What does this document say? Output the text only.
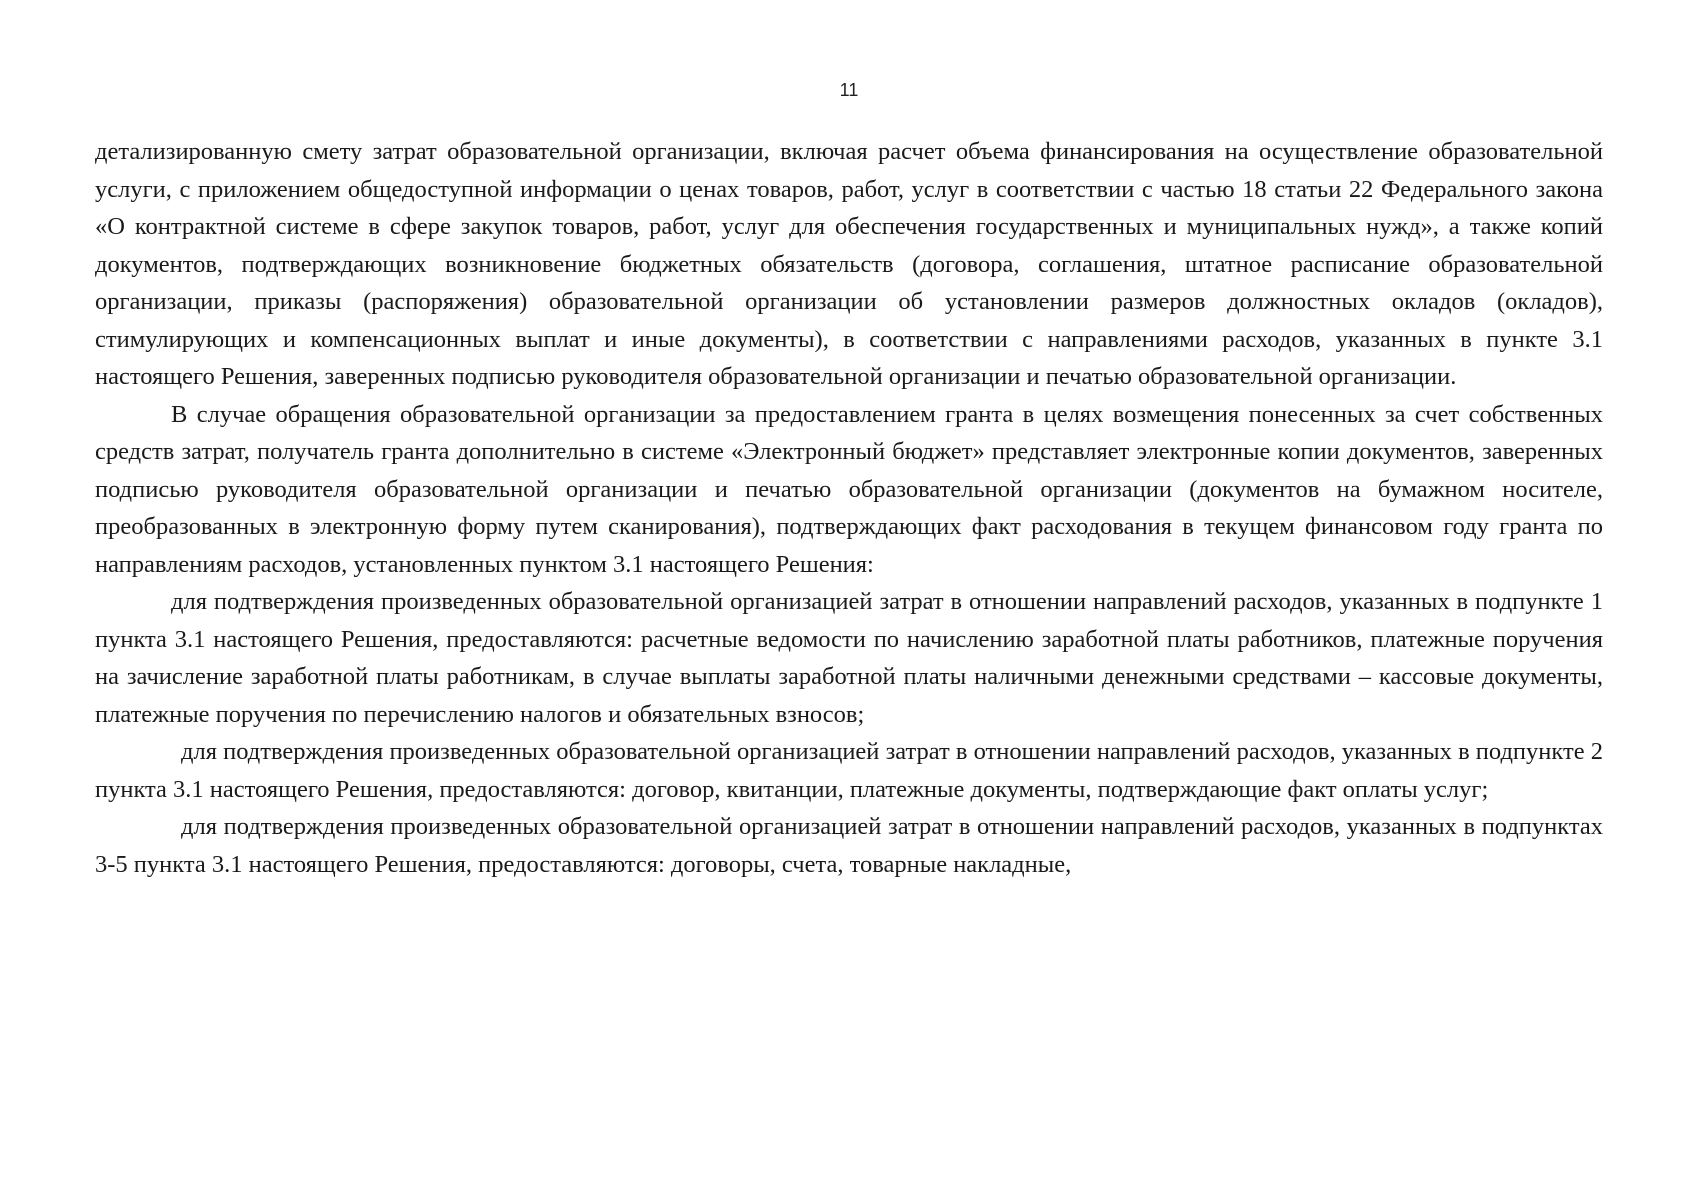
11

детализированную смету затрат образовательной организации, включая расчет объема финансирования на осуществление образовательной услуги, с приложением общедоступной информации о ценах товаров, работ, услуг в соответствии с частью 18 статьи 22 Федерального закона «О контрактной системе в сфере закупок товаров, работ, услуг для обеспечения государственных и муниципальных нужд», а также копий документов, подтверждающих возникновение бюджетных обязательств (договора, соглашения, штатное расписание образовательной организации, приказы (распоряжения) образовательной организации об установлении размеров должностных окладов (окладов), стимулирующих и компенсационных выплат и иные документы), в соответствии с направлениями расходов, указанных в пункте 3.1 настоящего Решения, заверенных подписью руководителя образовательной организации и печатью образовательной организации.

В случае обращения образовательной организации за предоставлением гранта в целях возмещения понесенных за счет собственных средств затрат, получатель гранта дополнительно в системе «Электронный бюджет» представляет электронные копии документов, заверенных подписью руководителя образовательной организации и печатью образовательной организации (документов на бумажном носителе, преобразованных в электронную форму путем сканирования), подтверждающих факт расходования в текущем финансовом году гранта по направлениям расходов, установленных пунктом 3.1 настоящего Решения:

для подтверждения произведенных образовательной организацией затрат в отношении направлений расходов, указанных в подпункте 1 пункта 3.1 настоящего Решения, предоставляются: расчетные ведомости по начислению заработной платы работников, платежные поручения на зачисление заработной платы работникам, в случае выплаты заработной платы наличными денежными средствами – кассовые документы, платежные поручения по перечислению налогов и обязательных взносов;

для подтверждения произведенных образовательной организацией затрат в отношении направлений расходов, указанных в подпункте 2 пункта 3.1 настоящего Решения, предоставляются: договор, квитанции, платежные документы, подтверждающие факт оплаты услуг;

для подтверждения произведенных образовательной организацией затрат в отношении направлений расходов, указанных в подпунктах 3-5 пункта 3.1 настоящего Решения, предоставляются: договоры, счета, товарные накладные,
